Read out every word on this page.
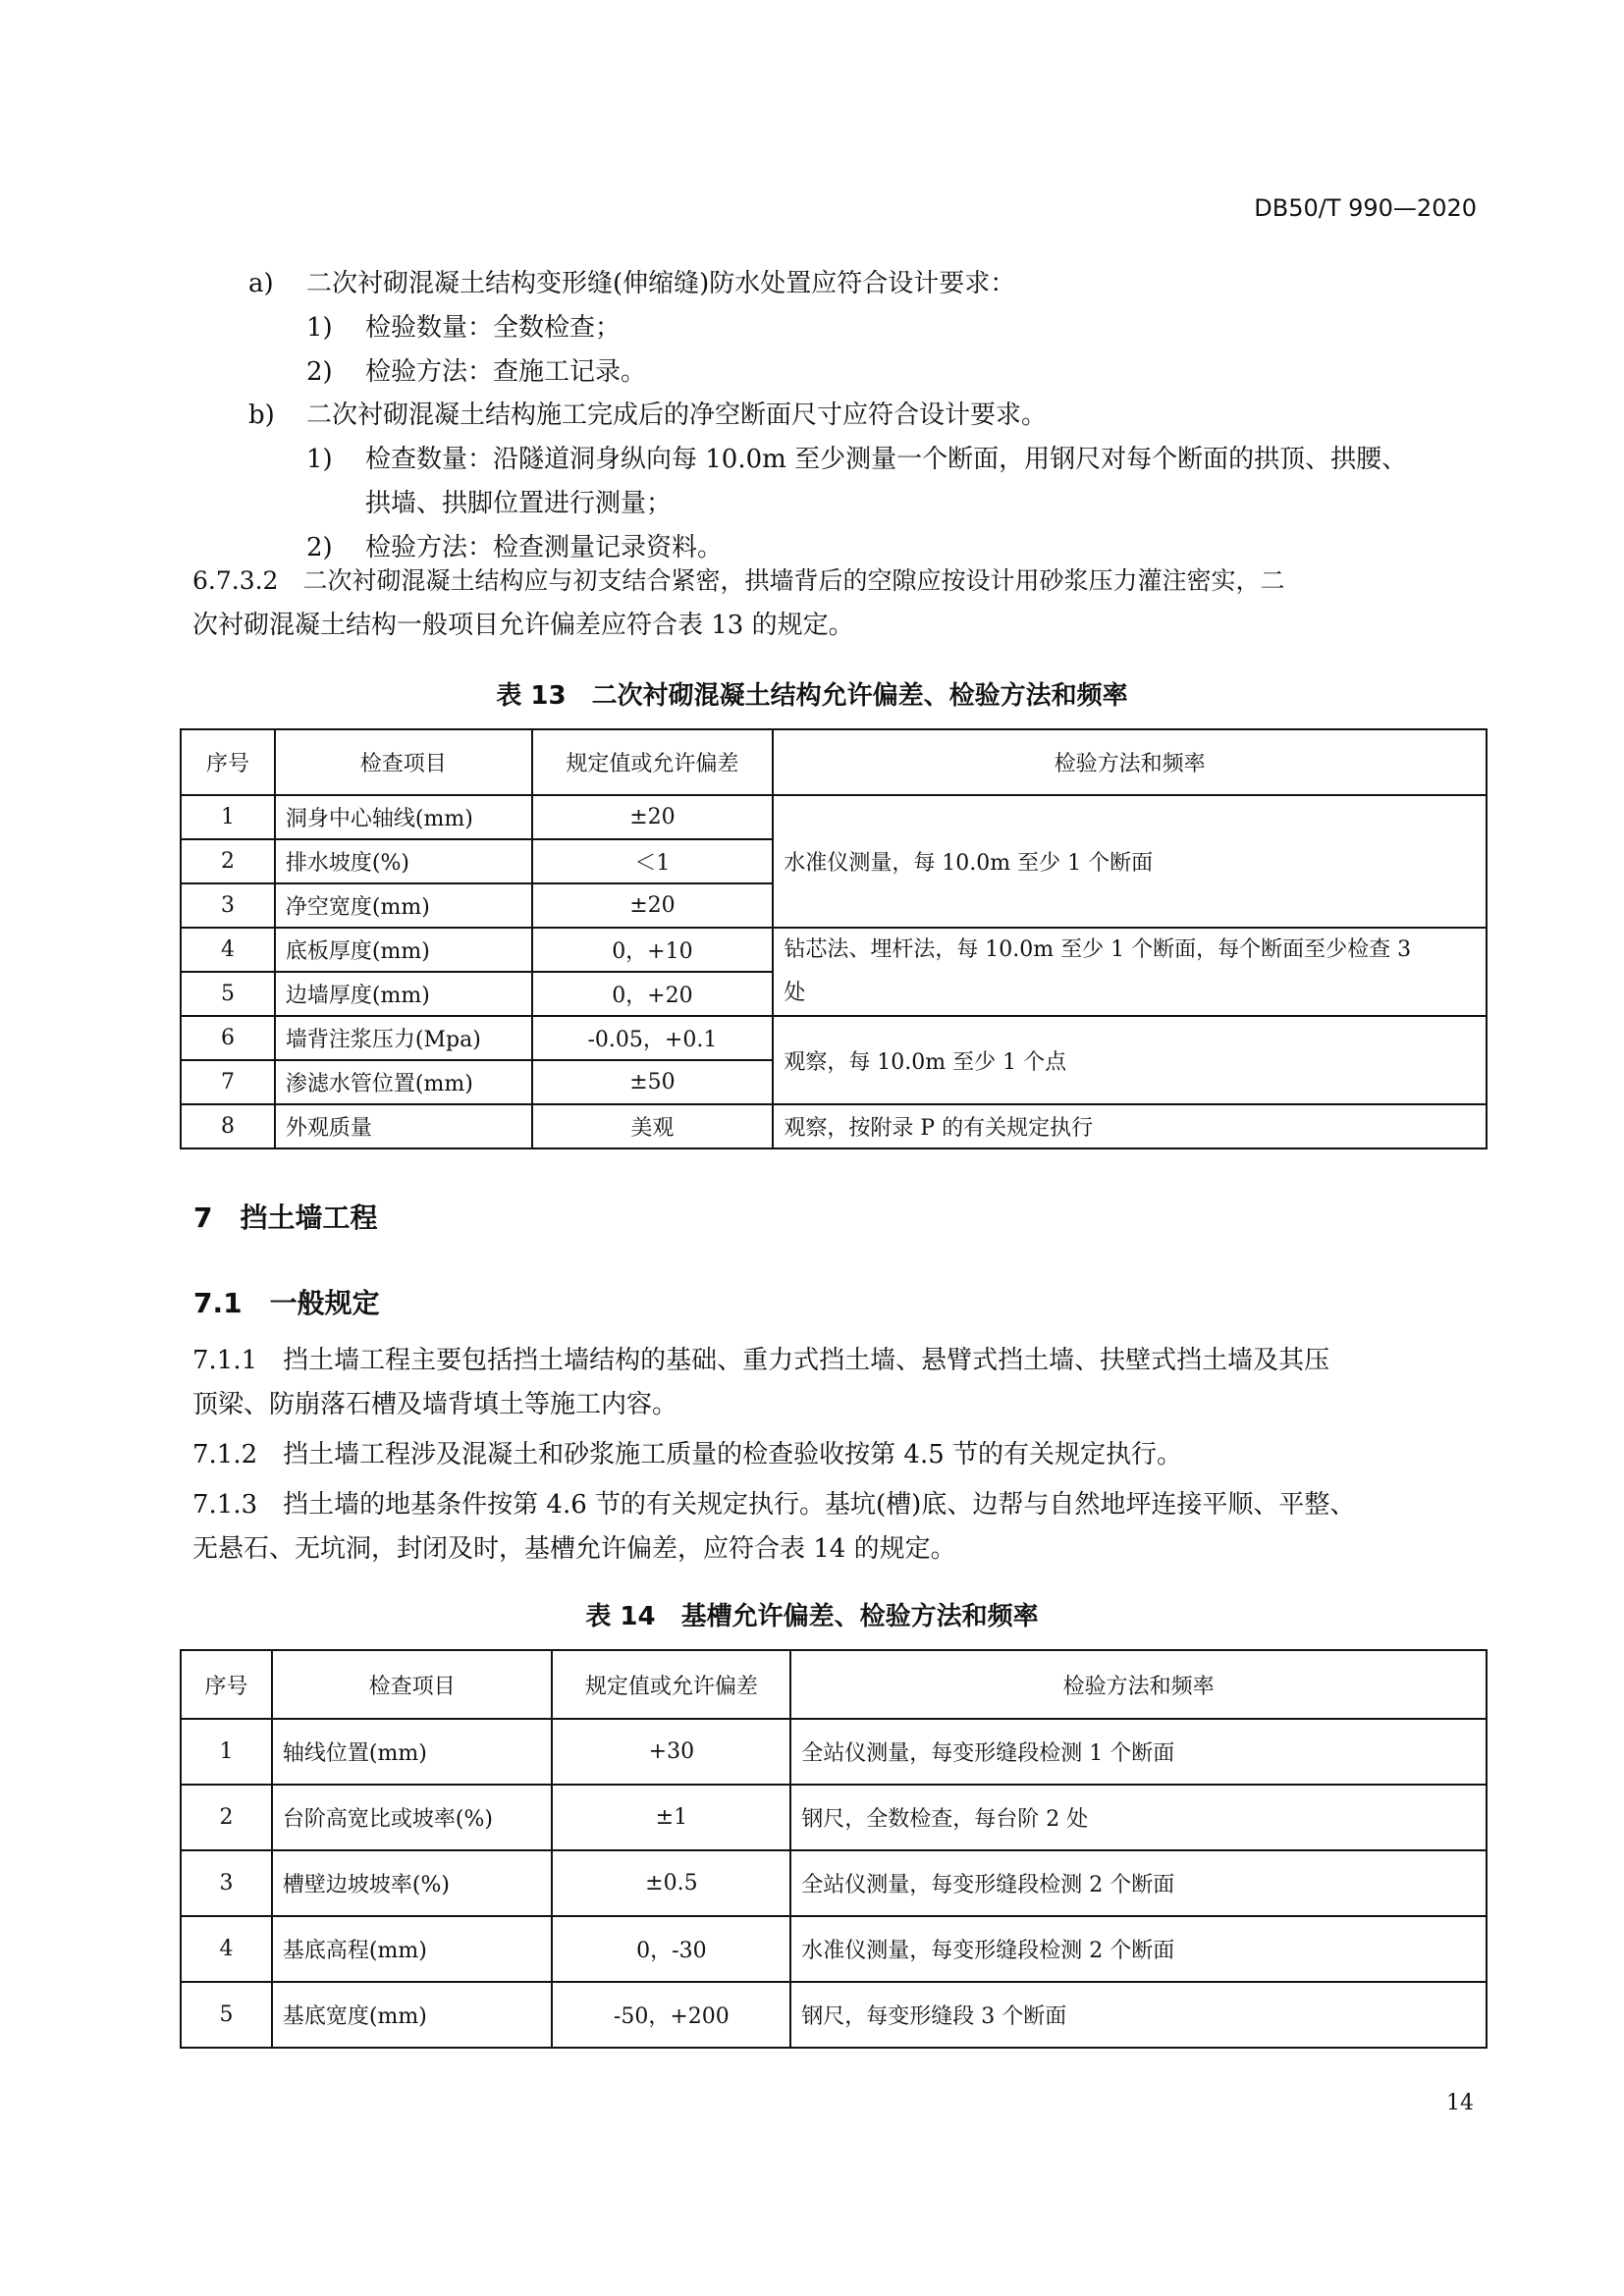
DB50/T 990—2020
a) 二次衬砌混凝土结构变形缝(伸缩缝)防水处置应符合设计要求：
1) 检验数量：全数检查；
2) 检验方法：查施工记录。
b) 二次衬砌混凝土结构施工完成后的净空断面尺寸应符合设计要求。
1) 检查数量：沿隧道洞身纵向每 10.0m 至少测量一个断面，用钢尺对每个断面的拱顶、拱腰、
拱墙、拱脚位置进行测量；
2) 检验方法：检查测量记录资料。
6.7.3.2　二次衬砌混凝土结构应与初支结合紧密，拱墙背后的空隙应按设计用砂浆压力灌注密实，二
次衬砌混凝土结构一般项目允许偏差应符合表 13 的规定。
表 13　二次衬砌混凝土结构允许偏差、检验方法和频率
序号	检查项目	规定值或允许偏差	检验方法和频率
1	洞身中心轴线(mm)	±20	水准仪测量，每 10.0m 至少 1 个断面
2	排水坡度(%)	＜1	
3	净空宽度(mm)	±20	
4	底板厚度(mm)	0，+10	钻芯法、埋杆法，每 10.0m 至少 1 个断面，每个断面至少检查 3
处
5	边墙厚度(mm)	0，+20	
6	墙背注浆压力(Mpa)	-0.05，+0.1	观察，每 10.0m 至少 1 个点
7	渗滤水管位置(mm)	±50	
8	外观质量	美观	观察，按附录 P 的有关规定执行
7　挡土墙工程
7.1　一般规定
7.1.1　挡土墙工程主要包括挡土墙结构的基础、重力式挡土墙、悬臂式挡土墙、扶壁式挡土墙及其压
顶梁、防崩落石槽及墙背填土等施工内容。
7.1.2　挡土墙工程涉及混凝土和砂浆施工质量的检查验收按第 4.5 节的有关规定执行。
7.1.3　挡土墙的地基条件按第 4.6 节的有关规定执行。基坑(槽)底、边帮与自然地坪连接平顺、平整、
无悬石、无坑洞，封闭及时，基槽允许偏差，应符合表 14 的规定。
表 14　基槽允许偏差、检验方法和频率
序号	检查项目	规定值或允许偏差	检验方法和频率
1	轴线位置(mm)	+30	全站仪测量，每变形缝段检测 1 个断面
2	台阶高宽比或坡率(%)	±1	钢尺，全数检查，每台阶 2 处
3	槽壁边坡坡率(%)	±0.5	全站仪测量，每变形缝段检测 2 个断面
4	基底高程(mm)	0，-30	水准仪测量，每变形缝段检测 2 个断面
5	基底宽度(mm)	-50，+200	钢尺，每变形缝段 3 个断面
14
